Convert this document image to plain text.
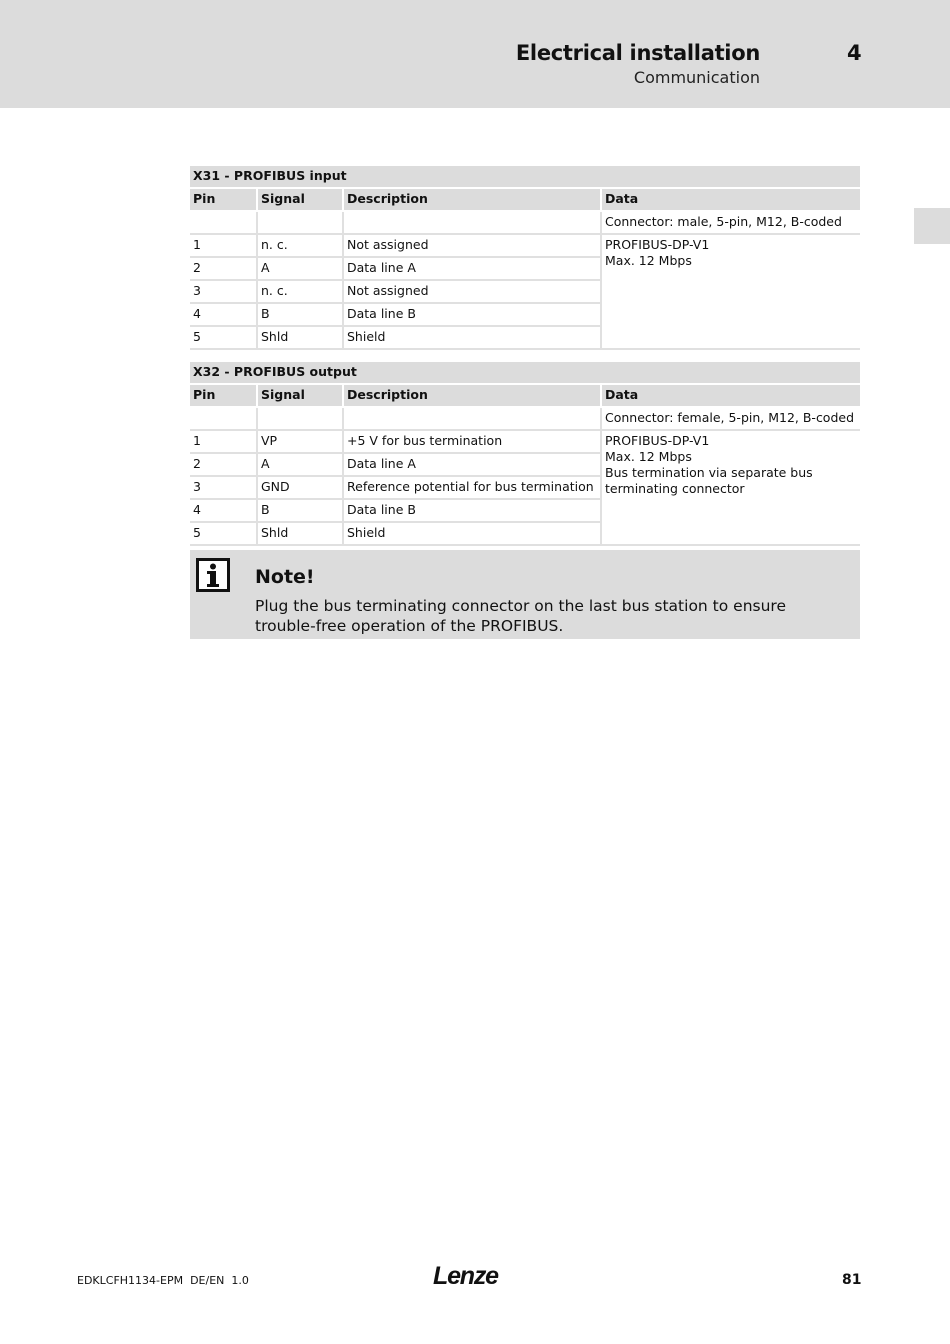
Electrical installation	4
Communication
X31 - PROFIBUS input			
Pin	Signal	Description	Data
			Connector: male, 5-pin, M12, B-coded
1	n. c.	Not assigned	PROFIBUS-DP-V1
Max. 12 Mbps

2	A	Data line A	
3	n. c.	Not assigned	
4	B	Data line B	
5	Shld	Shield	
X32 - PROFIBUS output			
Pin	Signal	Description	Data
			Connector: female, 5-pin, M12, B-coded
1	VP	+5 V for bus termination	PROFIBUS-DP-V1
Max. 12 Mbps
Bus termination via separate bus
terminating connector

2	A	Data line A	
3	GND	Reference potential for bus termination	
4	B	Data line B	
5	Shld	Shield	
Note!
Plug the bus terminating connector on the last bus station to ensure trouble-free operation of the PROFIBUS.
EDKLCFH1134-EPM  DE/EN  1.0	Lenze	81
